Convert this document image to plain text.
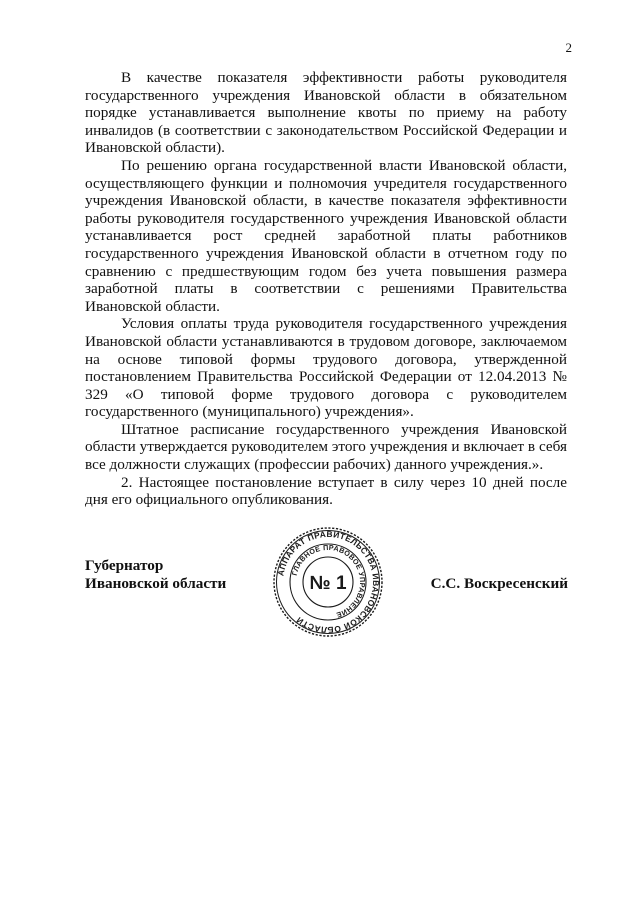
2

В качестве показателя эффективности работы руководителя государственного учреждения Ивановской области в обязательном порядке устанавливается выполнение квоты по приему на работу инвалидов (в соответствии с законодательством Российской Федерации и Ивановской области).

По решению органа государственной власти Ивановской области, осуществляющего функции и полномочия учредителя государственного учреждения Ивановской области, в качестве показателя эффективности работы руководителя государственного учреждения Ивановской области устанавливается рост средней заработной платы работников государственного учреждения Ивановской области в отчетном году по сравнению с предшествующим годом без учета повышения размера заработной платы в соответствии с решениями Правительства Ивановской области.

Условия оплаты труда руководителя государственного учреждения Ивановской области устанавливаются в трудовом договоре, заключаемом на основе типовой формы трудового договора, утвержденной постановлением Правительства Российской Федерации от 12.04.2013 № 329 «О типовой форме трудового договора с руководителем государственного (муниципального) учреждения».

Штатное расписание государственного учреждения Ивановской области утверждается руководителем этого учреждения и включает в себя все должности служащих (профессии рабочих) данного учреждения.».

2. Настоящее постановление вступает в силу через 10 дней после дня его официального опубликования.

Губернатор
Ивановской области
АППАРАТ ПРАВИТЕЛЬСТВА ИВАНОВСКОЙ ОБЛАСТИ
ГЛАВНОЕ ПРАВОВОЕ УПРАВЛЕНИЕ
№ 1	С.С. Воскресенский
